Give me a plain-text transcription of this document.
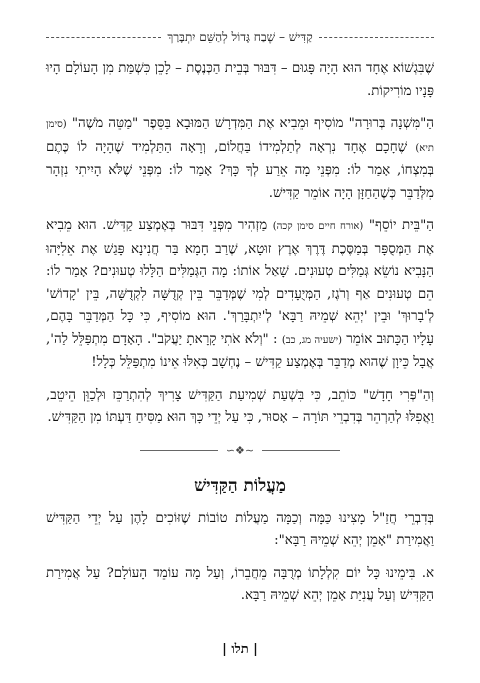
קַדִּישׁ – שֶׁבַח גָּדוֹל לְהַשֵּׁם יִתְבָּרַךְ

שֶׁבִּגְשׁוֹא אֶחָד הוּא הָיָה פָּגוּם – דִּבּוּר בְּבֵית הַכְּנֶסֶת – לָכֵן כִּשְׁמַּת מִן הָעוֹלָם הָיוּ פָּנָיו מוֹרִיקוֹת.

הַ"מִּשְׁנָה בְּרוּרָה" מוֹסִיף וּמֵבִיא אֶת הַמִּדְרָשׁ הַמּוּבָא בַּסֵּפֶר "מַטֵּה מֹשֶׁה" (סימן תיא) שֶׁחָכָם אֶחָד נִרְאָה לְתַלְמִידוֹ בַּחֲלוֹם, וְרָאָה הַתַּלְמִיד שֶׁהָיָה לוֹ כֶּתֶם בְּמִצְחוֹ, אָמַר לוֹ: מִפְּנֵי מָה אֵרַע לְךָ כָּךְ? אָמַר לוֹ: מִפְּנֵי שֶׁלֹּא הָיִיתִי נִזְהָר מִלְּדַבֵּר כְּשֶׁהַחַזָּן הָיָה אוֹמֵר קַדִּישׁ.

הַ"בֵּית יוֹסֵף" (אורח חיים סימן קכה) מַזְהִיר מִפְּנֵי דִּבּוּר בְּאֶמְצַע קַדִּישׁ. הוּא מֵבִיא אֶת הַמְּסֻפָּר בְּמַסֶּכֶת דֶּרֶךְ אֶרֶץ זוּטָא, שֶׁרַב חָמָא בַּר חֲנִינָא פָּגַשׁ אֶת אֵלִיָּהוּ הַנָּבִיא נוֹשֵׂא גְּמַלִּים טְעוּנִים. שָׁאַל אוֹתוֹ: מָה הַגְּמַלִּים הַלָּלוּ טְעוּנִים? אָמַר לוֹ: הֵם טְעוּנִים אַף וְרֹגֶז, הַמְּיֻעָדִים לְמִי שֶׁמְּדַבֵּר בֵּין קְדֻשָּׁה לִקְדֻשָּׁה, בֵּין 'קָדוֹשׁ' לְ'בָרוּךְ' וּבֵין 'יְהֵא שְׁמֵיהּ רַבָּא' לְ'יִתְבָּרַךְ'. הוּא מוֹסִיף, כִּי כָּל הַמְּדַבֵּר בָּהֶם, עָלָיו הַכָּתוּב אוֹמֵר (ישעיה מג, כב) : "וְלֹא אֹתִי קָרָאתָ יַעֲקֹב". הָאָדָם מִתְפַּלֵּל לַה', אֲבָל כֵּיוָן שֶׁהוּא מְדַבֵּר בְּאֶמְצַע קַדִּישׁ – נֶחְשָׁב כְּאִלּוּ אֵינוֹ מִתְפַּלֵּל כְּלָל!

וְהַ"פְּרִי חָדָשׁ" כּוֹתֵב, כִּי בִּשְׁעַת שְׁמִיעַת הַקַּדִּישׁ צָרִיךְ לְהִתְרַכֵּז וּלְכַוֵּן הֵיטֵב, וַאֲפִלּוּ לְהַרְהֵר בְּדִבְרֵי תּוֹרָה – אָסוּר, כִּי עַל יְדֵי כָּךְ הוּא מַסִּיחַ דַּעְתּוֹ מִן הַקַּדִּישׁ.

∽❖∼
מַעֲלוֹת הַקַּדִּישׁ

בְּדִבְרֵי חֲזַ"ל מָצִינוּ כַּמָּה וְכַמָּה מַעֲלוֹת טוֹבוֹת שֶׁזּוֹכִים לָהֶן עַל יְדֵי הַקַּדִּישׁ וַאֲמִירַת "אָמֵן יְהֵא שְׁמֵיהּ רַבָּא":

א. בִּימֵינוּ כָּל יוֹם קִלְלָתוֹ מְרֻבָּה מֵחֲבֵרוֹ, וְעַל מָה עוֹמֵד הָעוֹלָם? עַל אֲמִירַת הַקַּדִּישׁ וְעַל עֲנִיַּת אָמֵן יְהֵא שְׁמֵיהּ רַבָּא.

| תלו |
